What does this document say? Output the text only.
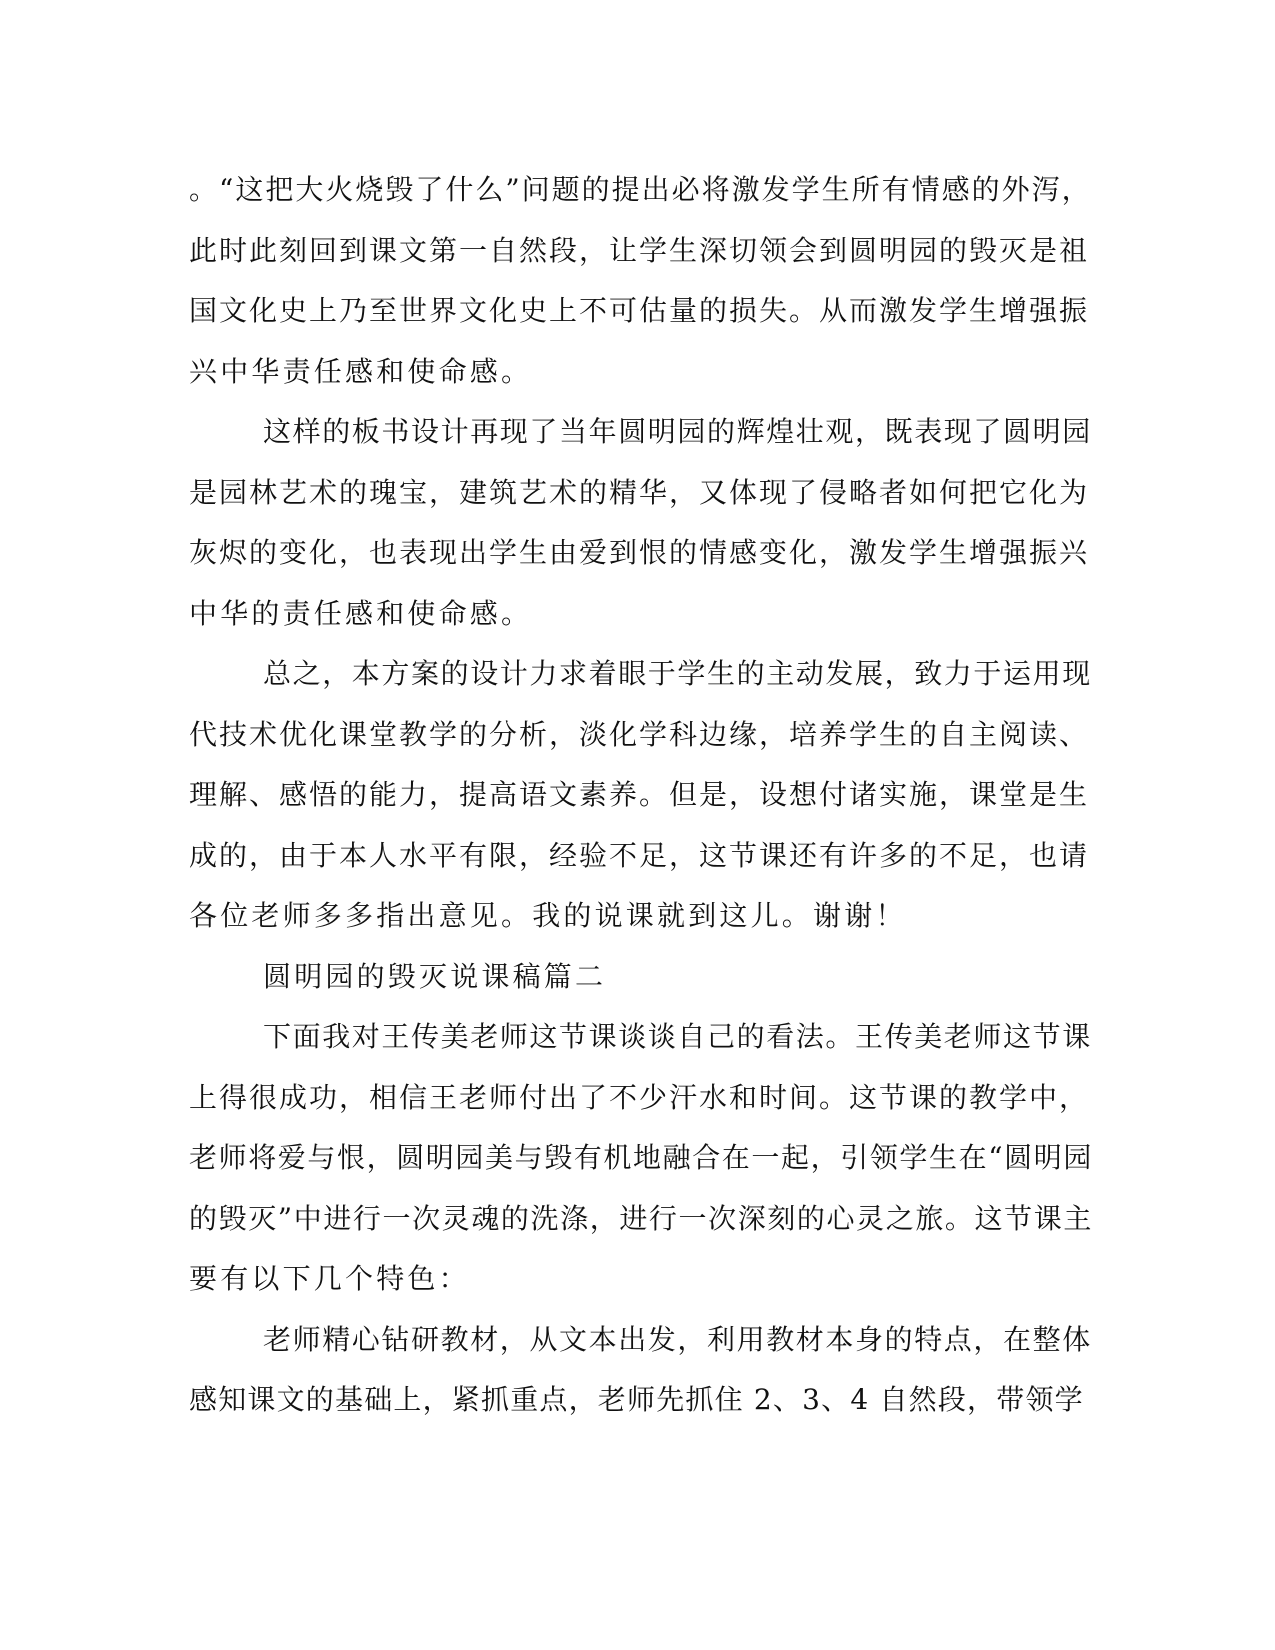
。“这把大火烧毁了什么”问题的提出必将激发学生所有情感的外泻，
此时此刻回到课文第一自然段，让学生深切领会到圆明园的毁灭是祖
国文化史上乃至世界文化史上不可估量的损失。从而激发学生增强振
兴中华责任感和使命感。
这样的板书设计再现了当年圆明园的辉煌壮观，既表现了圆明园
是园林艺术的瑰宝，建筑艺术的精华，又体现了侵略者如何把它化为
灰烬的变化，也表现出学生由爱到恨的情感变化，激发学生增强振兴
中华的责任感和使命感。
总之，本方案的设计力求着眼于学生的主动发展，致力于运用现
代技术优化课堂教学的分析，淡化学科边缘，培养学生的自主阅读、
理解、感悟的能力，提高语文素养。但是，设想付诸实施，课堂是生
成的，由于本人水平有限，经验不足，这节课还有许多的不足，也请
各位老师多多指出意见。我的说课就到这儿。谢谢！
圆明园的毁灭说课稿篇二
下面我对王传美老师这节课谈谈自己的看法。王传美老师这节课
上得很成功，相信王老师付出了不少汗水和时间。这节课的教学中，
老师将爱与恨，圆明园美与毁有机地融合在一起，引领学生在“圆明园
的毁灭”中进行一次灵魂的洗涤，进行一次深刻的心灵之旅。这节课主
要有以下几个特色：
老师精心钻研教材，从文本出发，利用教材本身的特点，在整体
感知课文的基础上，紧抓重点，老师先抓住 2、3、4 自然段，带领学
